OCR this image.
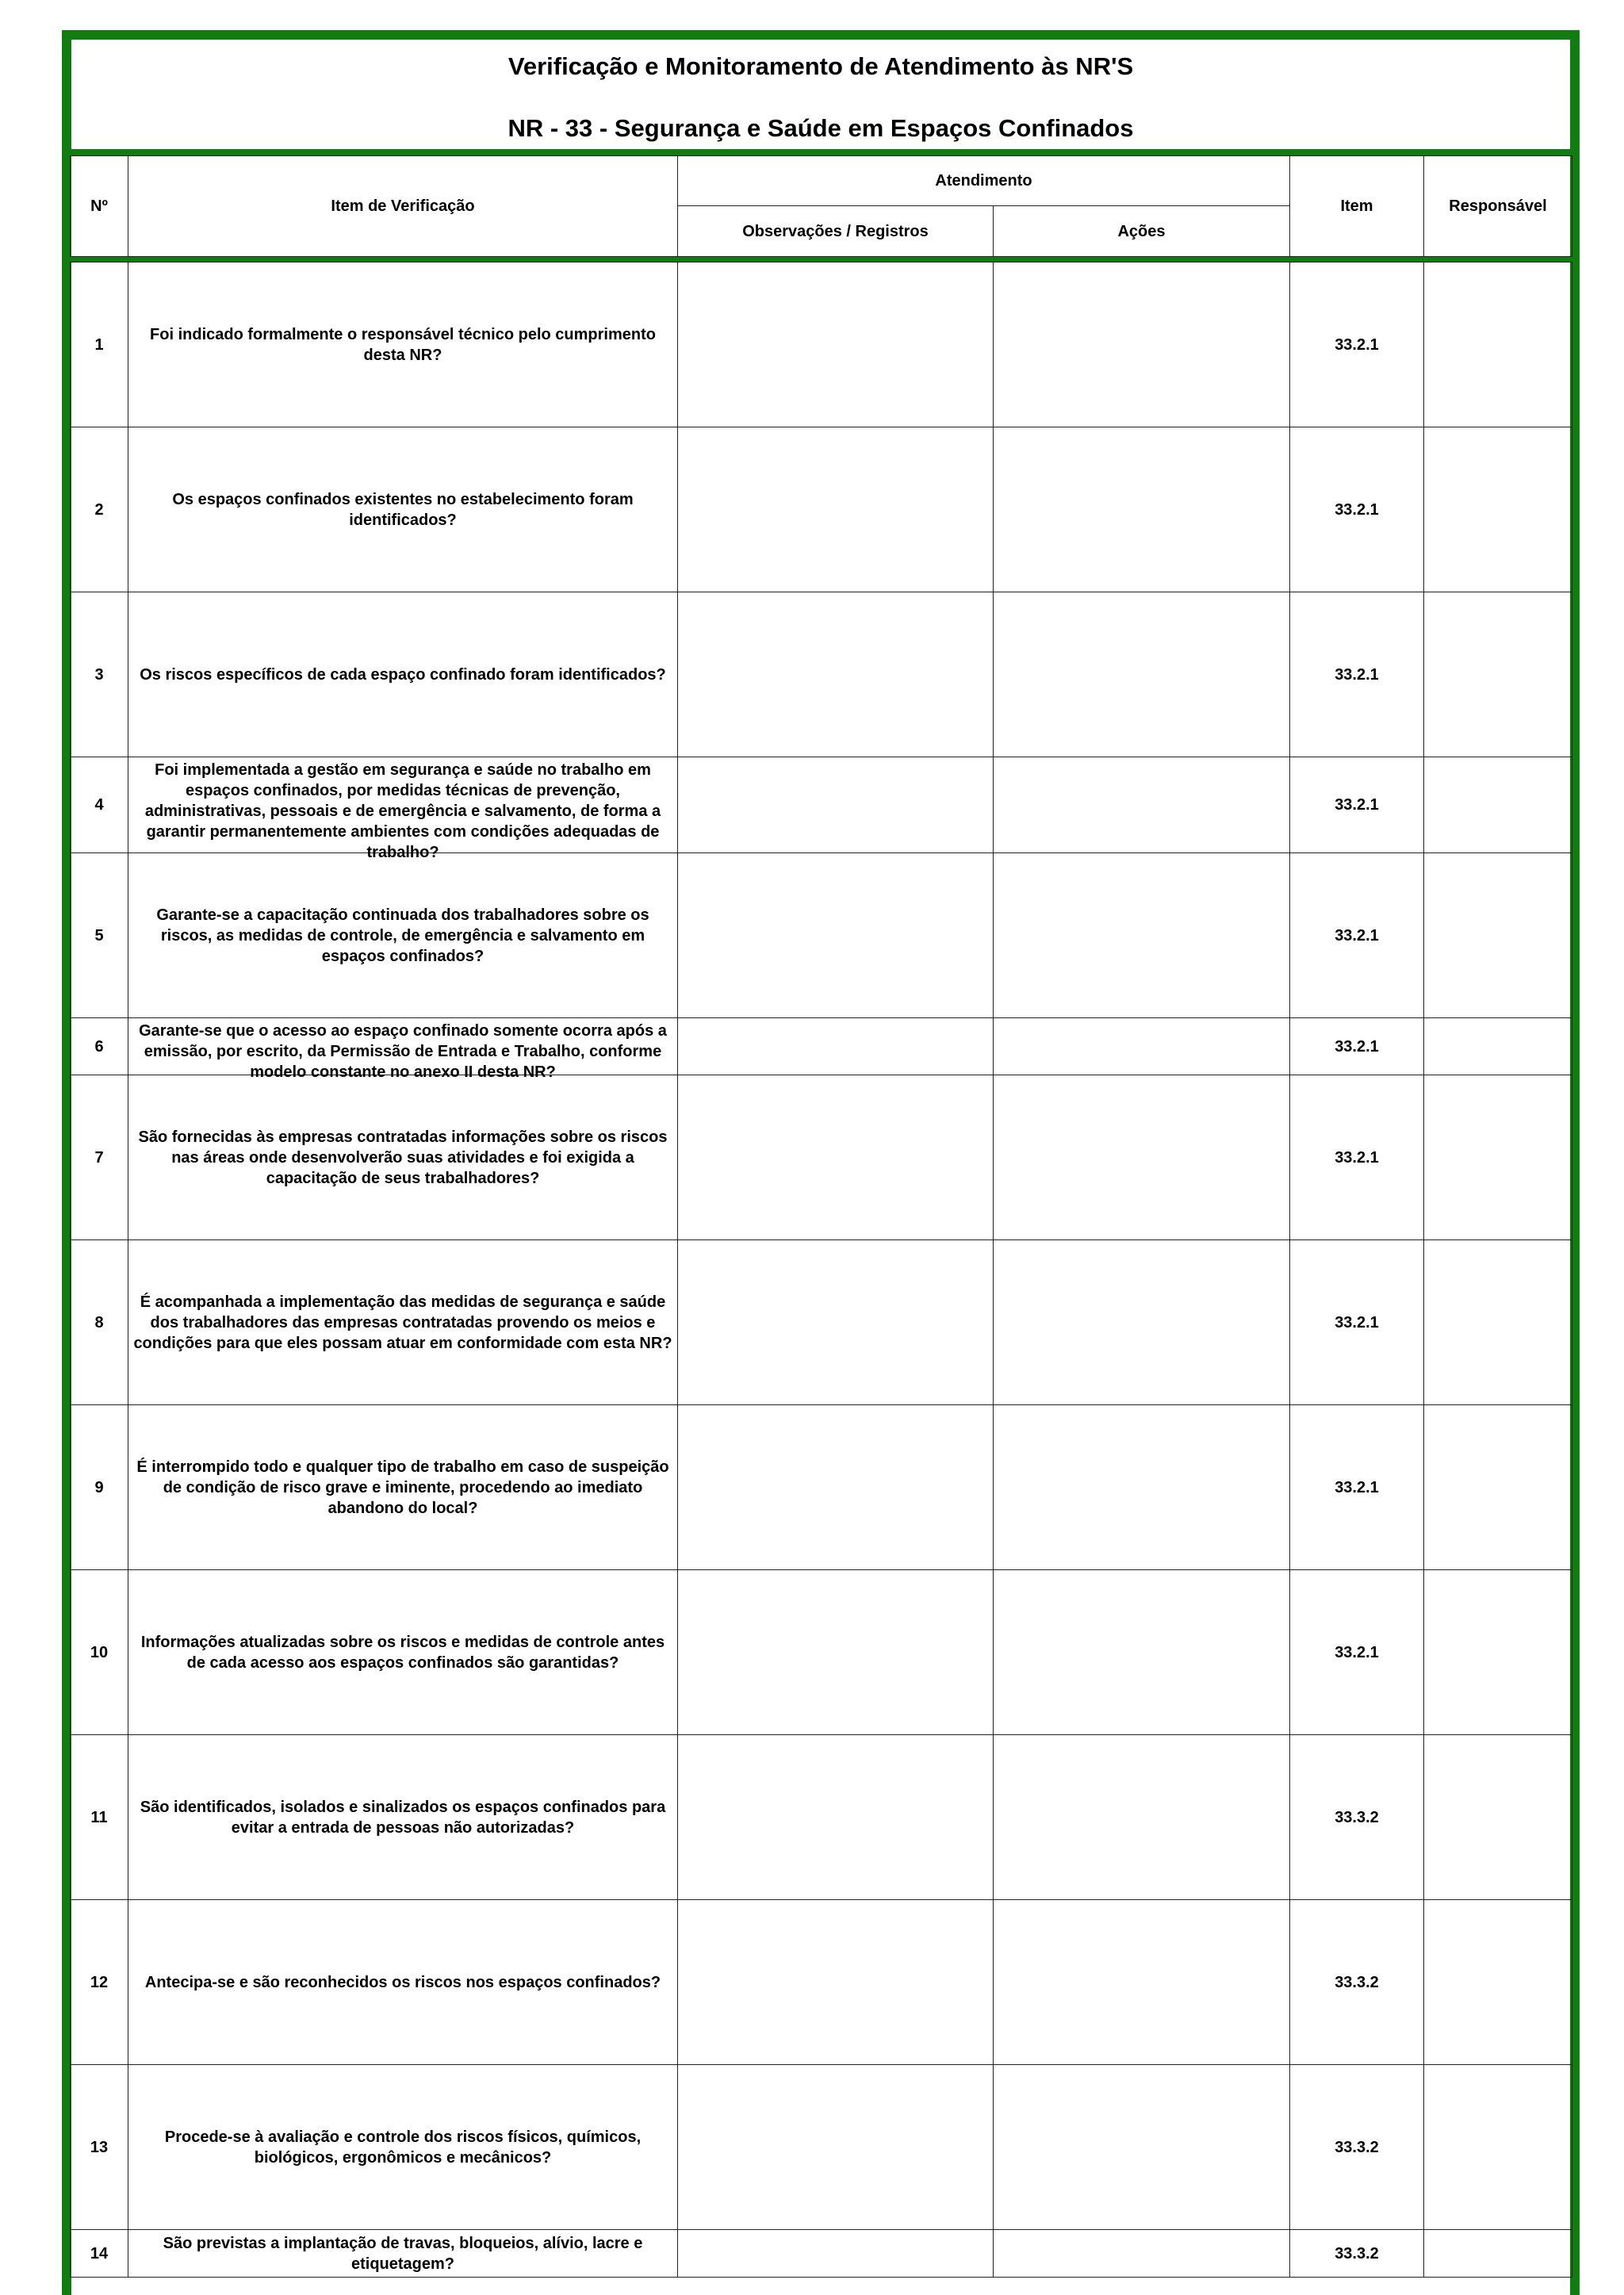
Verificação e Monitoramento de Atendimento às NR'S
NR - 33 - Segurança e Saúde em Espaços Confinados
Nº	Item de Verificação	Atendimento		Item	Responsável
		Observações / Registros	Ações		
1	Foi indicado formalmente o responsável técnico pelo cumprimento desta NR?			33.2.1	
2	Os espaços confinados existentes no estabelecimento foram identificados?			33.2.1	
3	Os riscos específicos de cada espaço confinado foram identificados?			33.2.1	
4	Foi implementada a gestão em segurança e saúde no trabalho em espaços confinados, por medidas técnicas de prevenção, administrativas, pessoais e de emergência e salvamento, de forma a garantir permanentemente ambientes com condições adequadas de trabalho?			33.2.1	
5	Garante-se a capacitação continuada dos trabalhadores sobre os riscos, as medidas de controle, de emergência e salvamento em espaços confinados?			33.2.1	
6	Garante-se que o acesso ao espaço confinado somente ocorra após a emissão, por escrito, da Permissão de Entrada e Trabalho, conforme modelo constante no anexo II desta NR?			33.2.1	
7	São fornecidas às empresas contratadas informações sobre os riscos nas áreas onde desenvolverão suas atividades e foi exigida a capacitação de seus trabalhadores?			33.2.1	
8	É acompanhada a implementação das medidas de segurança e saúde dos trabalhadores das empresas contratadas provendo os meios e condições para que eles possam atuar em conformidade com esta NR?			33.2.1	
9	É interrompido todo e qualquer tipo de trabalho em caso de suspeição de condição de risco grave e iminente, procedendo ao imediato abandono do local?			33.2.1	
10	Informações atualizadas sobre os riscos e medidas de controle antes de cada acesso aos espaços confinados são garantidas?			33.2.1	
11	São identificados, isolados e sinalizados os espaços confinados para evitar a entrada de pessoas não autorizadas?			33.3.2	
12	Antecipa-se e são reconhecidos os riscos nos espaços confinados?			33.3.2	
13	Procede-se à avaliação e controle dos riscos físicos, químicos, biológicos, ergonômicos e mecânicos?			33.3.2	
14	São previstas a implantação de travas, bloqueios, alívio, lacre e etiquetagem?			33.3.2	
